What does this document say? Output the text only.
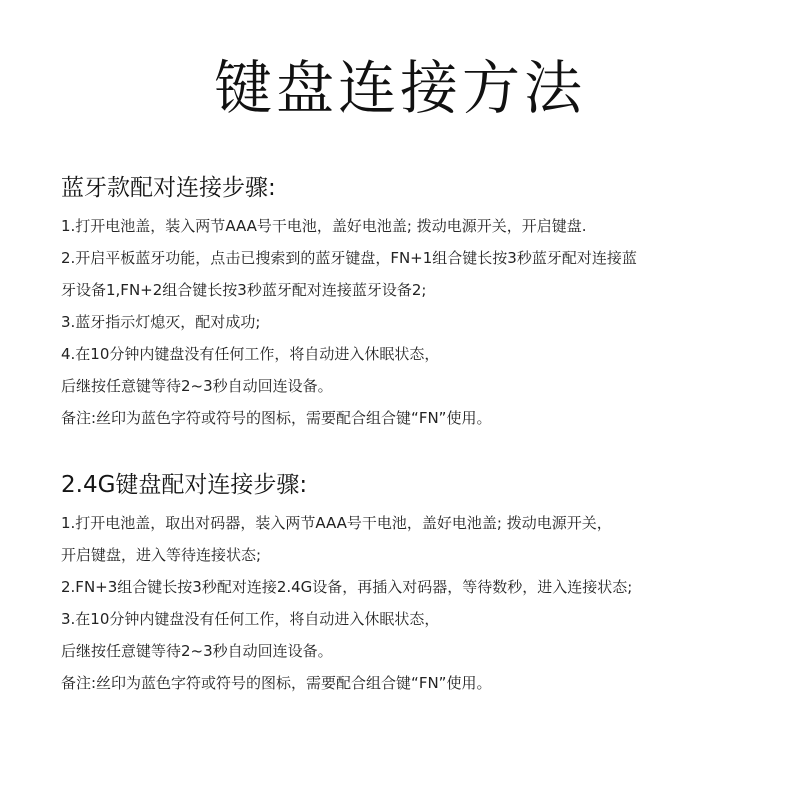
键盘连接方法
蓝牙款配对连接步骤:

1.打开电池盖，装入两节AAA号干电池，盖好电池盖; 拨动电源开关，开启键盘.

2.开启平板蓝牙功能，点击已搜索到的蓝牙键盘，FN+1组合键长按3秒蓝牙配对连接蓝

牙设备1,FN+2组合键长按3秒蓝牙配对连接蓝牙设备2;

3.蓝牙指示灯熄灭，配对成功;

4.在10分钟内键盘没有任何工作，将自动进入休眠状态，

后继按任意键等待2~3秒自动回连设备。

备注:丝印为蓝色字符或符号的图标，需要配合组合键“FN”使用。

2.4G键盘配对连接步骤:

1.打开电池盖，取出对码器，装入两节AAA号干电池，盖好电池盖; 拨动电源开关，

开启键盘，进入等待连接状态;

2.FN+3组合键长按3秒配对连接2.4G设备，再插入对码器，等待数秒，进入连接状态;

3.在10分钟内键盘没有任何工作，将自动进入休眠状态，

后继按任意键等待2~3秒自动回连设备。

备注:丝印为蓝色字符或符号的图标，需要配合组合键“FN”使用。
